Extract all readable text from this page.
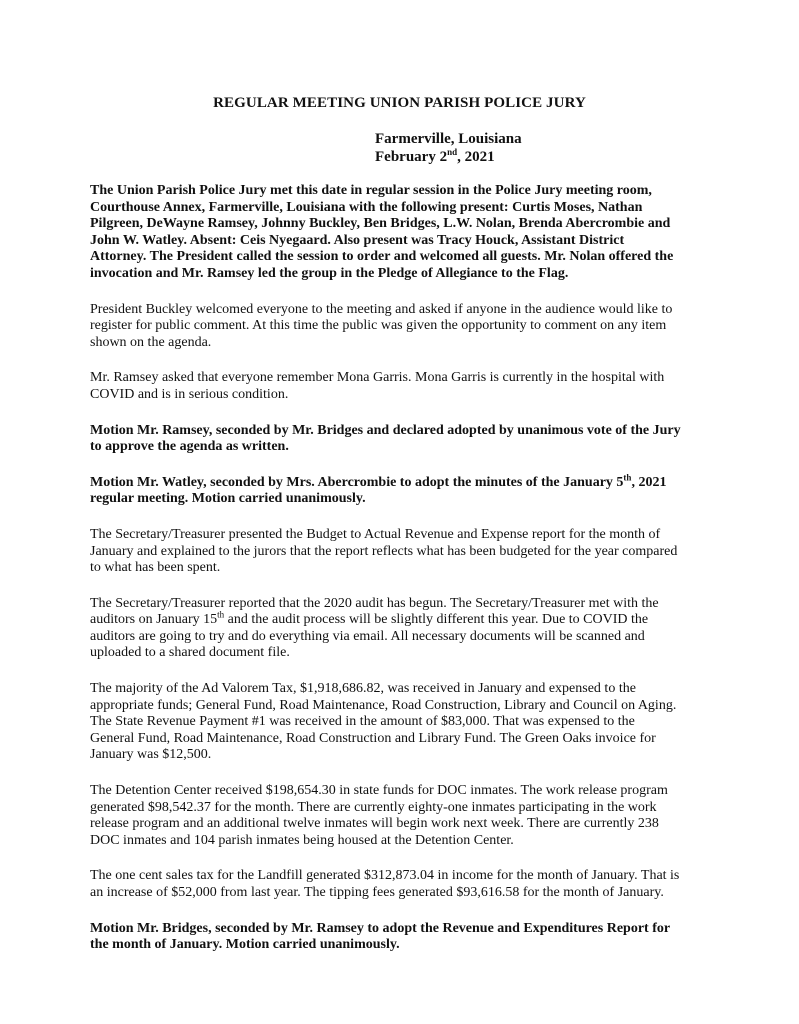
REGULAR MEETING UNION PARISH POLICE JURY
Farmerville, Louisiana
February 2nd, 2021
The Union Parish Police Jury met this date in regular session in the Police Jury meeting room,
Courthouse Annex, Farmerville, Louisiana with the following present: Curtis Moses, Nathan
Pilgreen, DeWayne Ramsey, Johnny Buckley, Ben Bridges, L.W. Nolan, Brenda Abercrombie and
John W. Watley. Absent: Ceis Nyegaard. Also present was Tracy Houck, Assistant District
Attorney. The President called the session to order and welcomed all guests. Mr. Nolan offered the
invocation and Mr. Ramsey led the group in the Pledge of Allegiance to the Flag.
President Buckley welcomed everyone to the meeting and asked if anyone in the audience would like to
register for public comment. At this time the public was given the opportunity to comment on any item
shown on the agenda.
Mr. Ramsey asked that everyone remember Mona Garris. Mona Garris is currently in the hospital with
COVID and is in serious condition.
Motion Mr. Ramsey, seconded by Mr. Bridges and declared adopted by unanimous vote of the Jury
to approve the agenda as written.
Motion Mr. Watley, seconded by Mrs. Abercrombie to adopt the minutes of the January 5th, 2021
regular meeting. Motion carried unanimously.
The Secretary/Treasurer presented the Budget to Actual Revenue and Expense report for the month of
January and explained to the jurors that the report reflects what has been budgeted for the year compared
to what has been spent.
The Secretary/Treasurer reported that the 2020 audit has begun. The Secretary/Treasurer met with the
auditors on January 15th and the audit process will be slightly different this year. Due to COVID the
auditors are going to try and do everything via email. All necessary documents will be scanned and
uploaded to a shared document file.
The majority of the Ad Valorem Tax, $1,918,686.82, was received in January and expensed to the
appropriate funds; General Fund, Road Maintenance, Road Construction, Library and Council on Aging.
The State Revenue Payment #1 was received in the amount of $83,000. That was expensed to the
General Fund, Road Maintenance, Road Construction and Library Fund. The Green Oaks invoice for
January was $12,500.
The Detention Center received $198,654.30 in state funds for DOC inmates. The work release program
generated $98,542.37 for the month. There are currently eighty-one inmates participating in the work
release program and an additional twelve inmates will begin work next week. There are currently 238
DOC inmates and 104 parish inmates being housed at the Detention Center.
The one cent sales tax for the Landfill generated $312,873.04 in income for the month of January. That is
an increase of $52,000 from last year. The tipping fees generated $93,616.58 for the month of January.
Motion Mr. Bridges, seconded by Mr. Ramsey to adopt the Revenue and Expenditures Report for
the month of January. Motion carried unanimously.
